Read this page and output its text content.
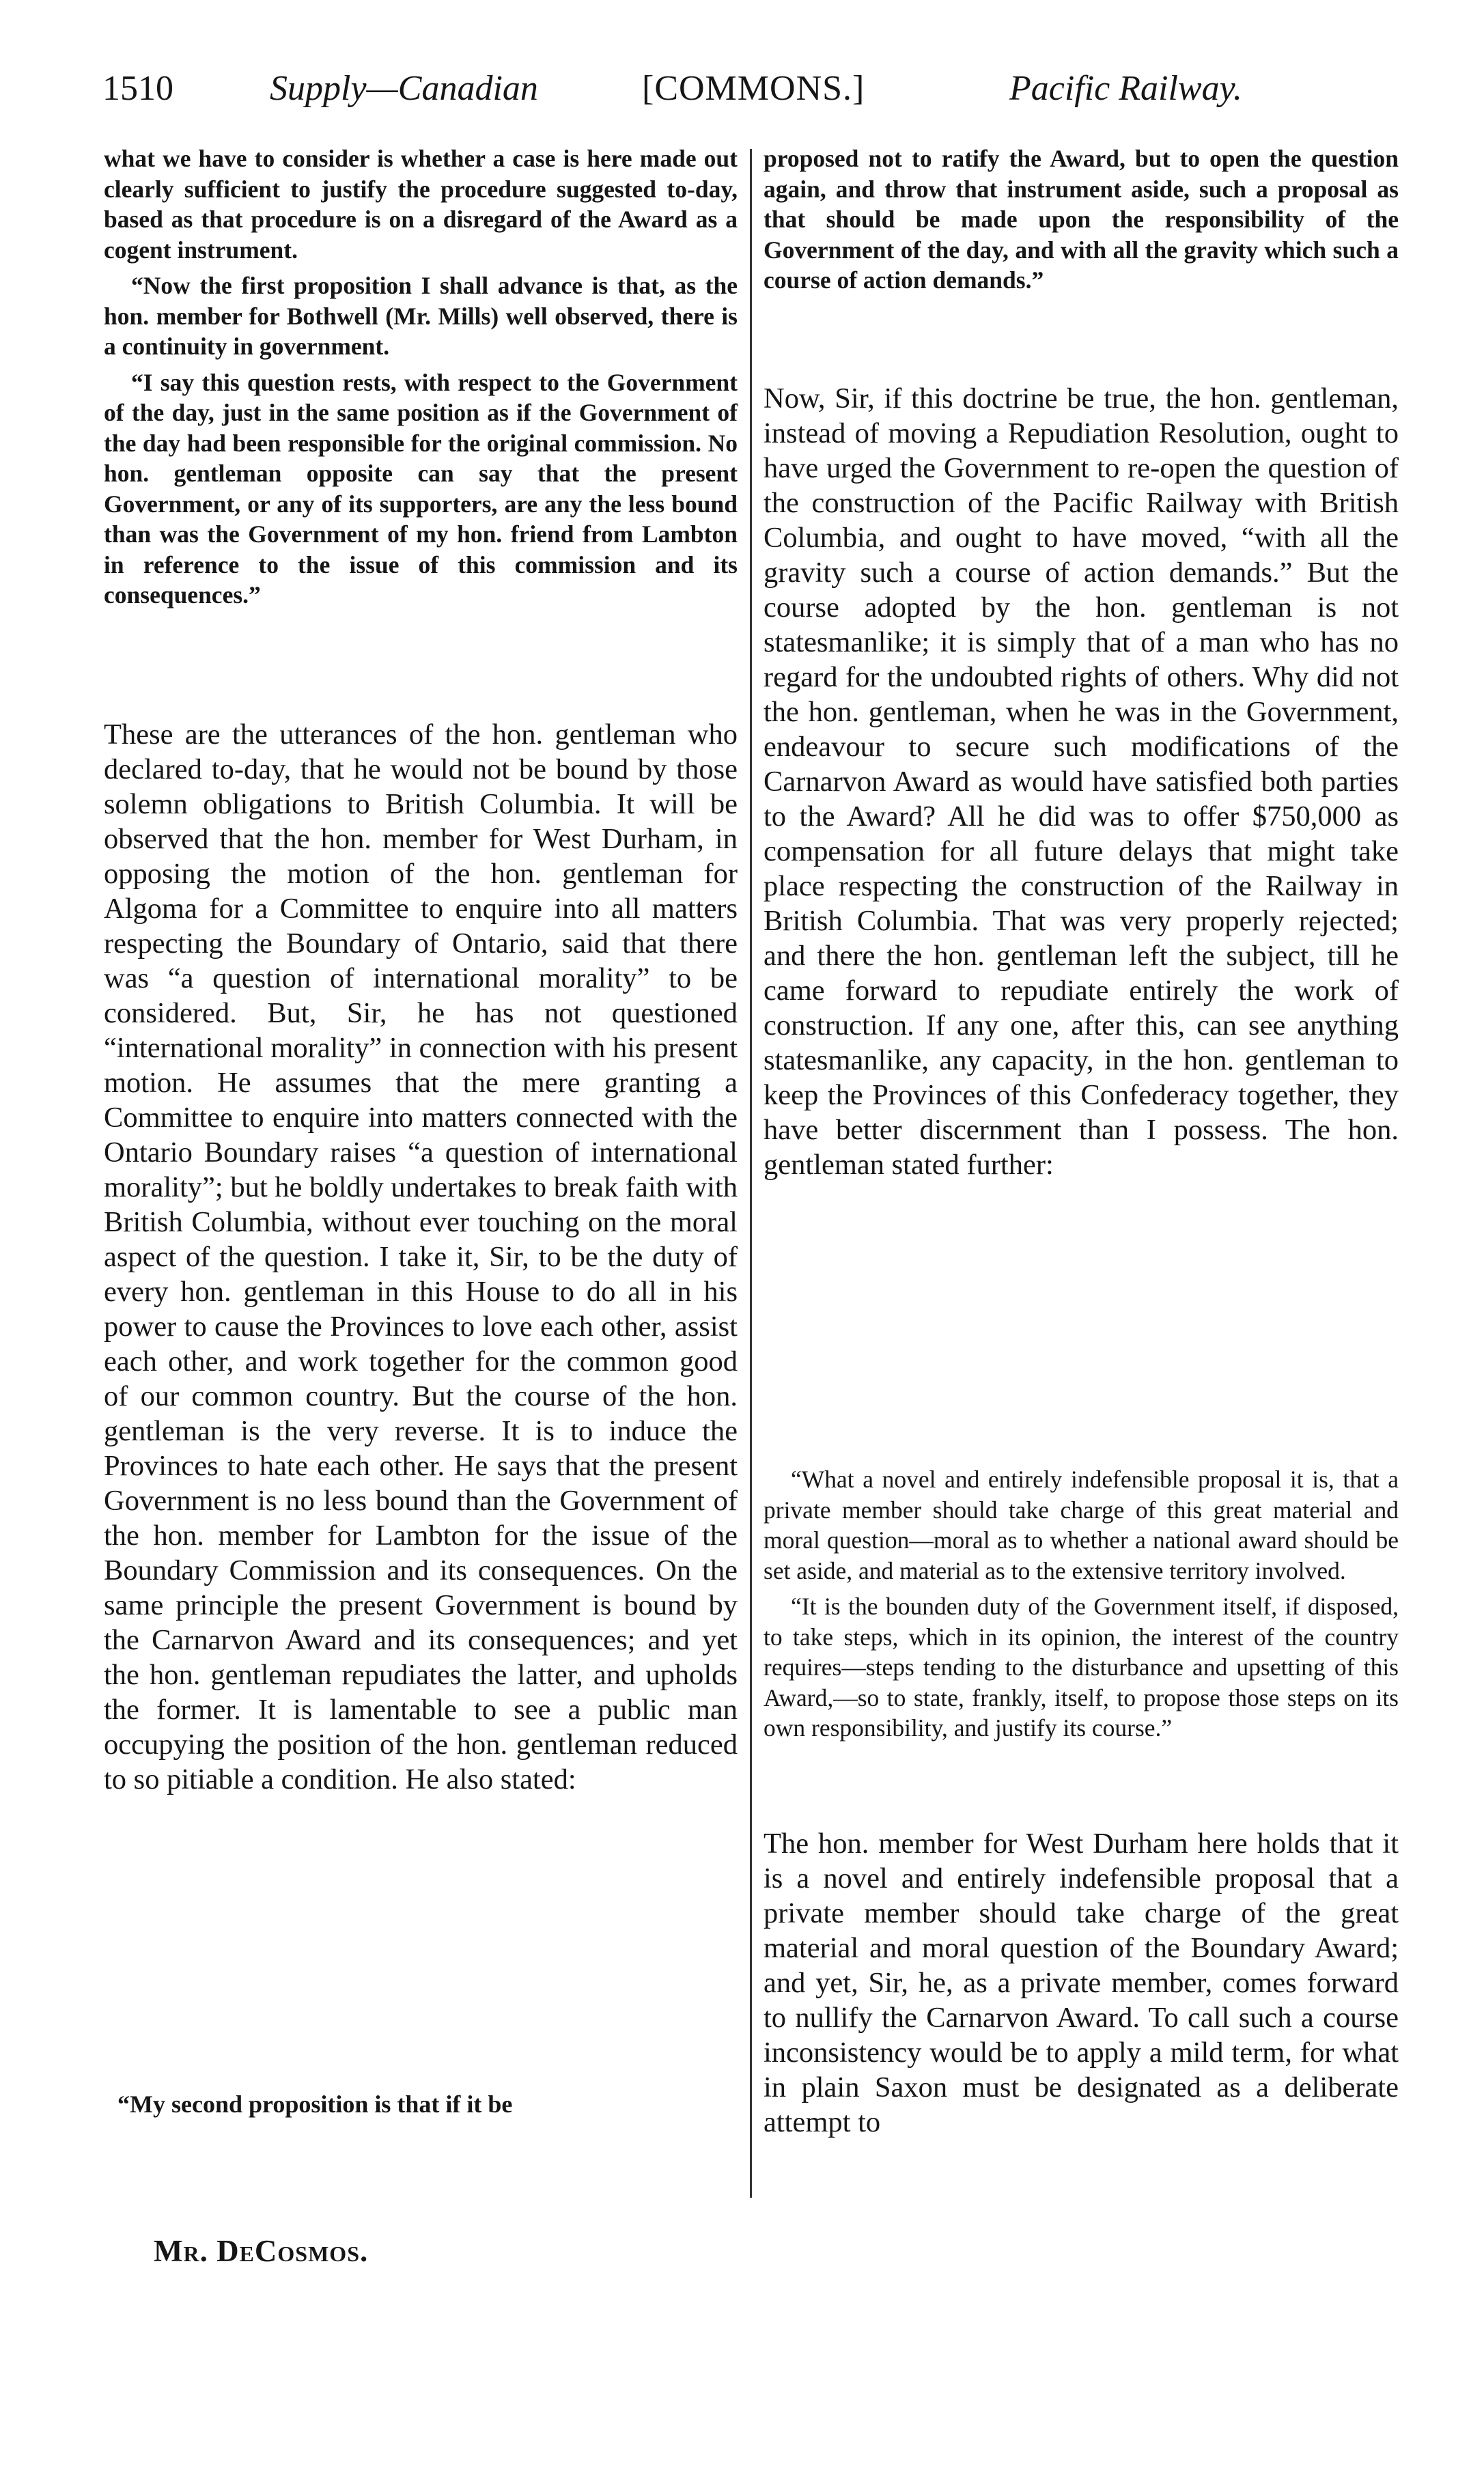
1510	Supply—Canadian	[COMMONS.]	Pacific Railway.

what we have to consider is whether a case is here made out clearly sufficient to justify the procedure suggested to-day, based as that procedure is on a disregard of the Award as a cogent instrument.

“Now the first proposition I shall advance is that, as the hon. member for Bothwell (Mr. Mills) well observed, there is a continuity in government.

“I say this question rests, with respect to the Government of the day, just in the same position as if the Government of the day had been responsible for the original commission. No hon. gentleman opposite can say that the present Government, or any of its supporters, are any the less bound than was the Government of my hon. friend from Lambton in reference to the issue of this commission and its consequences.”

These are the utterances of the hon. gentleman who declared to-day, that he would not be bound by those solemn obligations to British Columbia. It will be observed that the hon. member for West Durham, in opposing the motion of the hon. gentleman for Algoma for a Committee to enquire into all matters respecting the Boundary of Ontario, said that there was “a question of international morality” to be considered. But, Sir, he has not questioned “international morality” in connection with his present motion. He assumes that the mere granting a Committee to enquire into matters connected with the Ontario Boundary raises “a question of international morality”; but he boldly undertakes to break faith with British Columbia, without ever touching on the moral aspect of the question. I take it, Sir, to be the duty of every hon. gentleman in this House to do all in his power to cause the Provinces to love each other, assist each other, and work together for the common good of our common country. But the course of the hon. gentleman is the very reverse. It is to induce the Provinces to hate each other. He says that the present Government is no less bound than the Government of the hon. member for Lambton for the issue of the Boundary Commission and its consequences. On the same principle the present Government is bound by the Carnarvon Award and its consequences; and yet the hon. gentleman repudiates the latter, and upholds the former. It is lamentable to see a public man occupying the position of the hon. gentleman reduced to so pitiable a condition. He also stated:

“My second proposition is that if it be

proposed not to ratify the Award, but to open the question again, and throw that instrument aside, such a proposal as that should be made upon the responsibility of the Government of the day, and with all the gravity which such a course of action demands.”

Now, Sir, if this doctrine be true, the hon. gentleman, instead of moving a Repudiation Resolution, ought to have urged the Government to re-open the question of the construction of the Pacific Railway with British Columbia, and ought to have moved, “with all the gravity such a course of action demands.” But the course adopted by the hon. gentleman is not statesmanlike; it is simply that of a man who has no regard for the undoubted rights of others. Why did not the hon. gentleman, when he was in the Government, endeavour to secure such modifications of the Carnarvon Award as would have satisfied both parties to the Award? All he did was to offer $750,000 as compensation for all future delays that might take place respecting the construction of the Railway in British Columbia. That was very properly rejected; and there the hon. gentleman left the subject, till he came forward to repudiate entirely the work of construction. If any one, after this, can see anything statesmanlike, any capacity, in the hon. gentleman to keep the Provinces of this Confederacy together, they have better discernment than I possess. The hon. gentleman stated further:

“What a novel and entirely indefensible proposal it is, that a private member should take charge of this great material and moral question—moral as to whether a national award should be set aside, and material as to the extensive territory involved.

“It is the bounden duty of the Government itself, if disposed, to take steps, which in its opinion, the interest of the country requires—steps tending to the disturbance and upsetting of this Award,—so to state, frankly, itself, to propose those steps on its own responsibility, and justify its course.”

The hon. member for West Durham here holds that it is a novel and entirely indefensible proposal that a private member should take charge of the great material and moral question of the Boundary Award; and yet, Sir, he, as a private member, comes forward to nullify the Carnarvon Award. To call such a course inconsistency would be to apply a mild term, for what in plain Saxon must be designated as a deliberate attempt to

Mr. DeCosmos.
